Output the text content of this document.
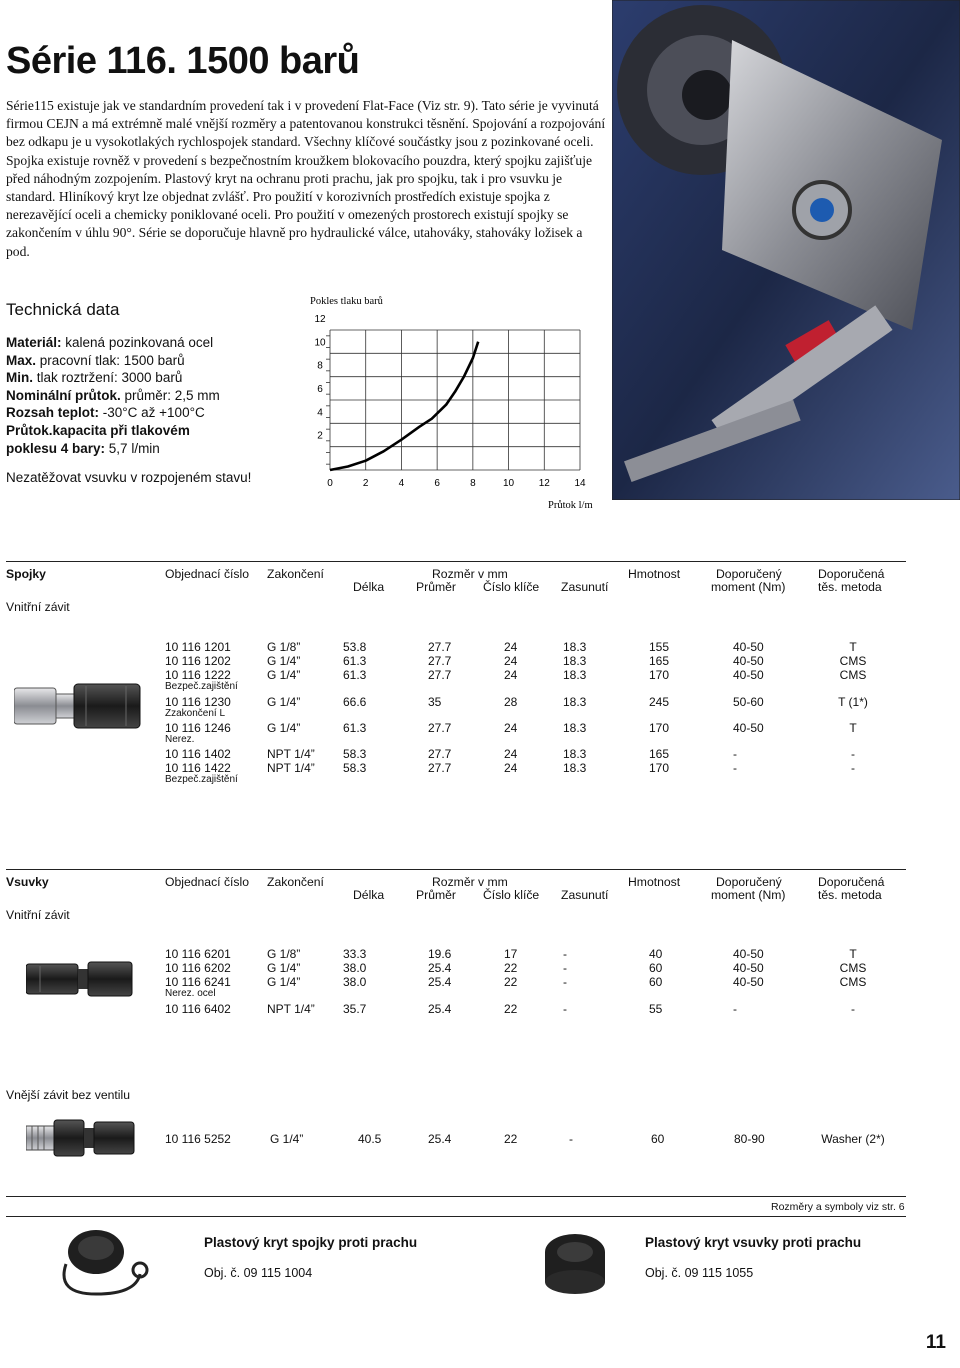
Série 116. 1500 barů
Série115 existuje jak ve standardním provedení tak i v provedení Flat-Face (Viz str. 9). Tato série je vyvinutá firmou CEJN a má extrémně malé vnější rozměry a patentovanou konstrukci těsnění. Spojování a rozpojování bez odkapu je u vysokotlakých rychlospojek standard. Všechny klíčové součástky jsou z pozinkované oceli. Spojka existuje rovněž v provedení s bezpečnostním kroužkem blokovacího pouzdra, který spojku zajišťuje před náhodným zozpojením. Plastový kryt na ochranu proti prachu, jak pro spojku, tak i pro vsuvku je standard. Hliníkový kryt lze objednat zvlášť. Pro použití v korozivních prostředích existuje spojka z nerezavějící oceli a chemicky poniklované oceli. Pro použití v omezených prostorech existují spojky se zakončením v úhlu 90°. Série se doporučuje hlavně pro hydraulické válce, utahováky, stahováky ložisek a pod.
Technická data
Materiál: kalená pozinkovaná ocel
Max. pracovní tlak: 1500 barů
Min. tlak roztržení: 3000 barů
Nominální průtok. průměr: 2,5 mm
Rozsah teplot: -30°C až +100°C
Průtok.kapacita při tlakovém
poklesu 4 bary: 5,7 l/min
Nezatěžovat vsuvku v rozpojeném stavu!
2
4
6
8
10
12
0	2	4	6	8	10 12 14
Pokles tlaku barů
Průtok l/m
Spojky	Objednací číslo Zakončení	Rozměr v mm
Délka	Průměr Číslo klíče Zasunutí
Hmotnost	Doporučený
moment (Nm)
Doporučená
těs. metoda
Vnitřní závit
10 116 1201	G 1/8”	53.8	27.7	24	18.3	155	40-50	T
10 116 1202	G 1/4”	61.3	27.7	24	18.3	165	40-50	CMS
10 116 1222	G 1/4”	61.3	27.7	24	18.3	170	40-50	CMS
Bezpeč.zajištění
10 116 1230	G 1/4”	66.6	35	28	18.3	245	50-60	T (1*)
Zzakončení L
10 116 1246	G 1/4”	61.3	27.7	24	18.3	170	40-50	T
Nerez.
10 116 1402	NPT 1/4” 58.3	27.7	24	18.3	165	-	-
10 116 1422	NPT 1/4” 58.3	27.7	24	18.3	170	-	-
Bezpeč.zajištění
Vsuvky	Objednací číslo Zakončení	Rozměr v mm
Délka	Průměr Číslo klíče Zasunutí
Hmotnost	Doporučený
moment (Nm)
Doporučená
těs. metoda
Vnitřní závit
10 116 6201	G 1/8”	33.3	19.6	17	-	40	40-50	T
10 116 6202	G 1/4”	38.0	25.4	22	-	60	40-50	CMS
10 116 6241	G 1/4”	38.0	25.4	22	-	60	40-50	CMS
Nerez. ocel
10 116 6402	NPT 1/4” 35.7	25.4	22	-	55	-	-
Vnější závit bez ventilu
10 116 5252	G 1/4”	40.5	25.4	22	-	60	80-90	Washer (2*)
Rozměry a symboly viz str. 6
Plastový kryt spojky proti prachu
Obj. č. 09 115 1004
Plastový kryt vsuvky proti prachu
Obj. č. 09 115 1055
11
